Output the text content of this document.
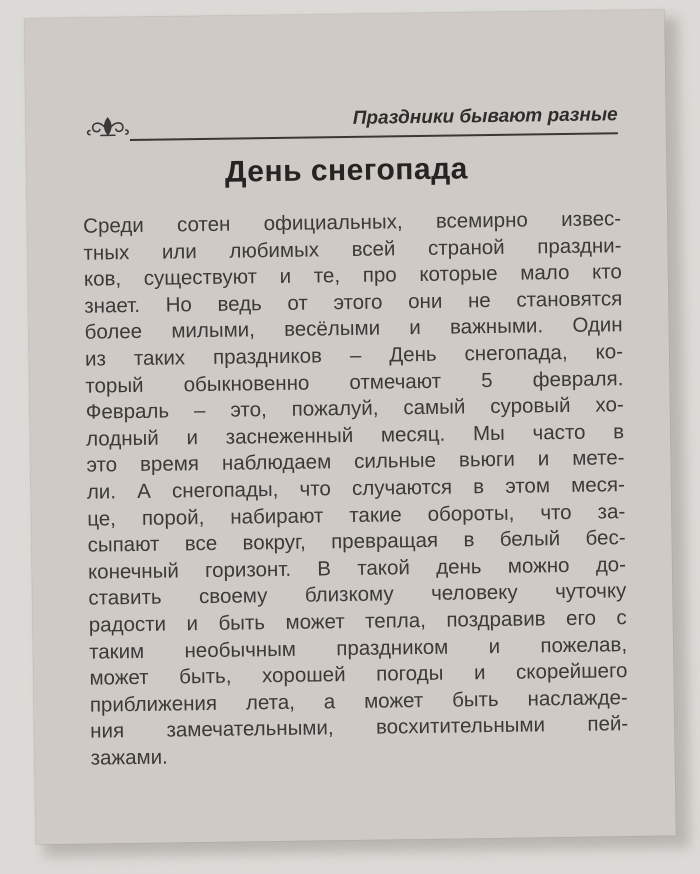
Праздники бывают разные
День снегопада
Среди сотен официальных, всемирно извес-
тных или любимых всей страной праздни-
ков, существуют и те, про которые мало кто
знает. Но ведь от этого они не становятся
более милыми, весёлыми и важными. Один
из таких праздников – День снегопада, ко-
торый обыкновенно отмечают 5 февраля.
Февраль – это, пожалуй, самый суровый хо-
лодный и заснеженный месяц. Мы часто в
это время наблюдаем сильные вьюги и мете-
ли. А снегопады, что случаются в этом меся-
це, порой, набирают такие обороты, что за-
сыпают все вокруг, превращая в белый бес-
конечный горизонт. В такой день можно до-
ставить своему близкому человеку чуточку
радости и быть может тепла, поздравив его с
таким необычным праздником и пожелав,
может быть, хорошей погоды и скорейшего
приближения лета, а может быть наслажде-
ния замечательными, восхитительными пей-
зажами.
